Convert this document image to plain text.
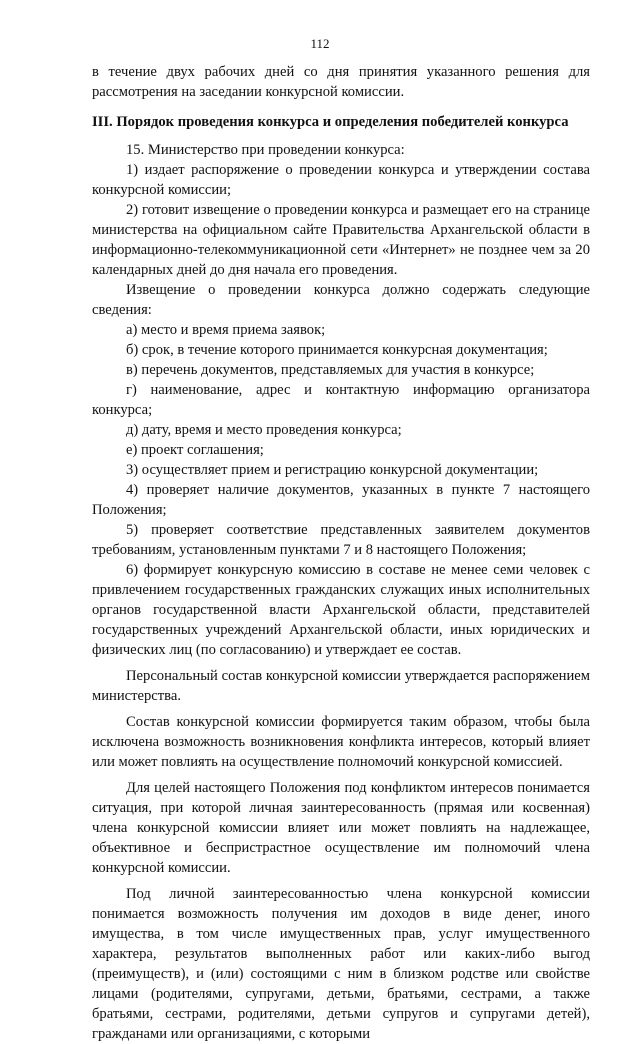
112

в течение двух рабочих дней со дня принятия указанного решения для рассмотрения на заседании конкурсной комиссии.

III. Порядок проведения конкурса и определения победителей конкурса

15. Министерство при проведении конкурса:

1) издает распоряжение о проведении конкурса и утверждении состава конкурсной комиссии;

2) готовит извещение о проведении конкурса и размещает его на странице министерства на официальном сайте Правительства Архангельской области в информационно-телекоммуникационной сети «Интернет» не позднее чем за 20 календарных дней до дня начала его проведения.

Извещение о проведении конкурса должно содержать следующие сведения:

а) место и время приема заявок;

б) срок, в течение которого принимается конкурсная документация;

в) перечень документов, представляемых для участия в конкурсе;

г) наименование, адрес и контактную информацию организатора конкурса;

д) дату, время и место проведения конкурса;

е) проект соглашения;

3) осуществляет прием и регистрацию конкурсной документации;

4) проверяет наличие документов, указанных в пункте 7 настоящего Положения;

5) проверяет соответствие представленных заявителем документов требованиям, установленным пунктами 7 и 8 настоящего Положения;

6) формирует конкурсную комиссию в составе не менее семи человек с привлечением государственных гражданских служащих иных исполнительных органов государственной власти Архангельской области, представителей государственных учреждений Архангельской области, иных юридических и физических лиц (по согласованию) и утверждает ее состав.

Персональный состав конкурсной комиссии утверждается распоряжением министерства.

Состав конкурсной комиссии формируется таким образом, чтобы была исключена возможность возникновения конфликта интересов, который влияет или может повлиять на осуществление полномочий конкурсной комиссией.

Для целей настоящего Положения под конфликтом интересов понимается ситуация, при которой личная заинтересованность (прямая или косвенная) члена конкурсной комиссии влияет или может повлиять на надлежащее, объективное и беспристрастное осуществление им полномочий члена конкурсной комиссии.

Под личной заинтересованностью члена конкурсной комиссии понимается возможность получения им доходов в виде денег, иного имущества, в том числе имущественных прав, услуг имущественного характера, результатов выполненных работ или каких-либо выгод (преимуществ), и (или) состоящими с ним в близком родстве или свойстве лицами (родителями, супругами, детьми, братьями, сестрами, а также братьями, сестрами, родителями, детьми супругов и супругами детей), гражданами или организациями, с которыми
